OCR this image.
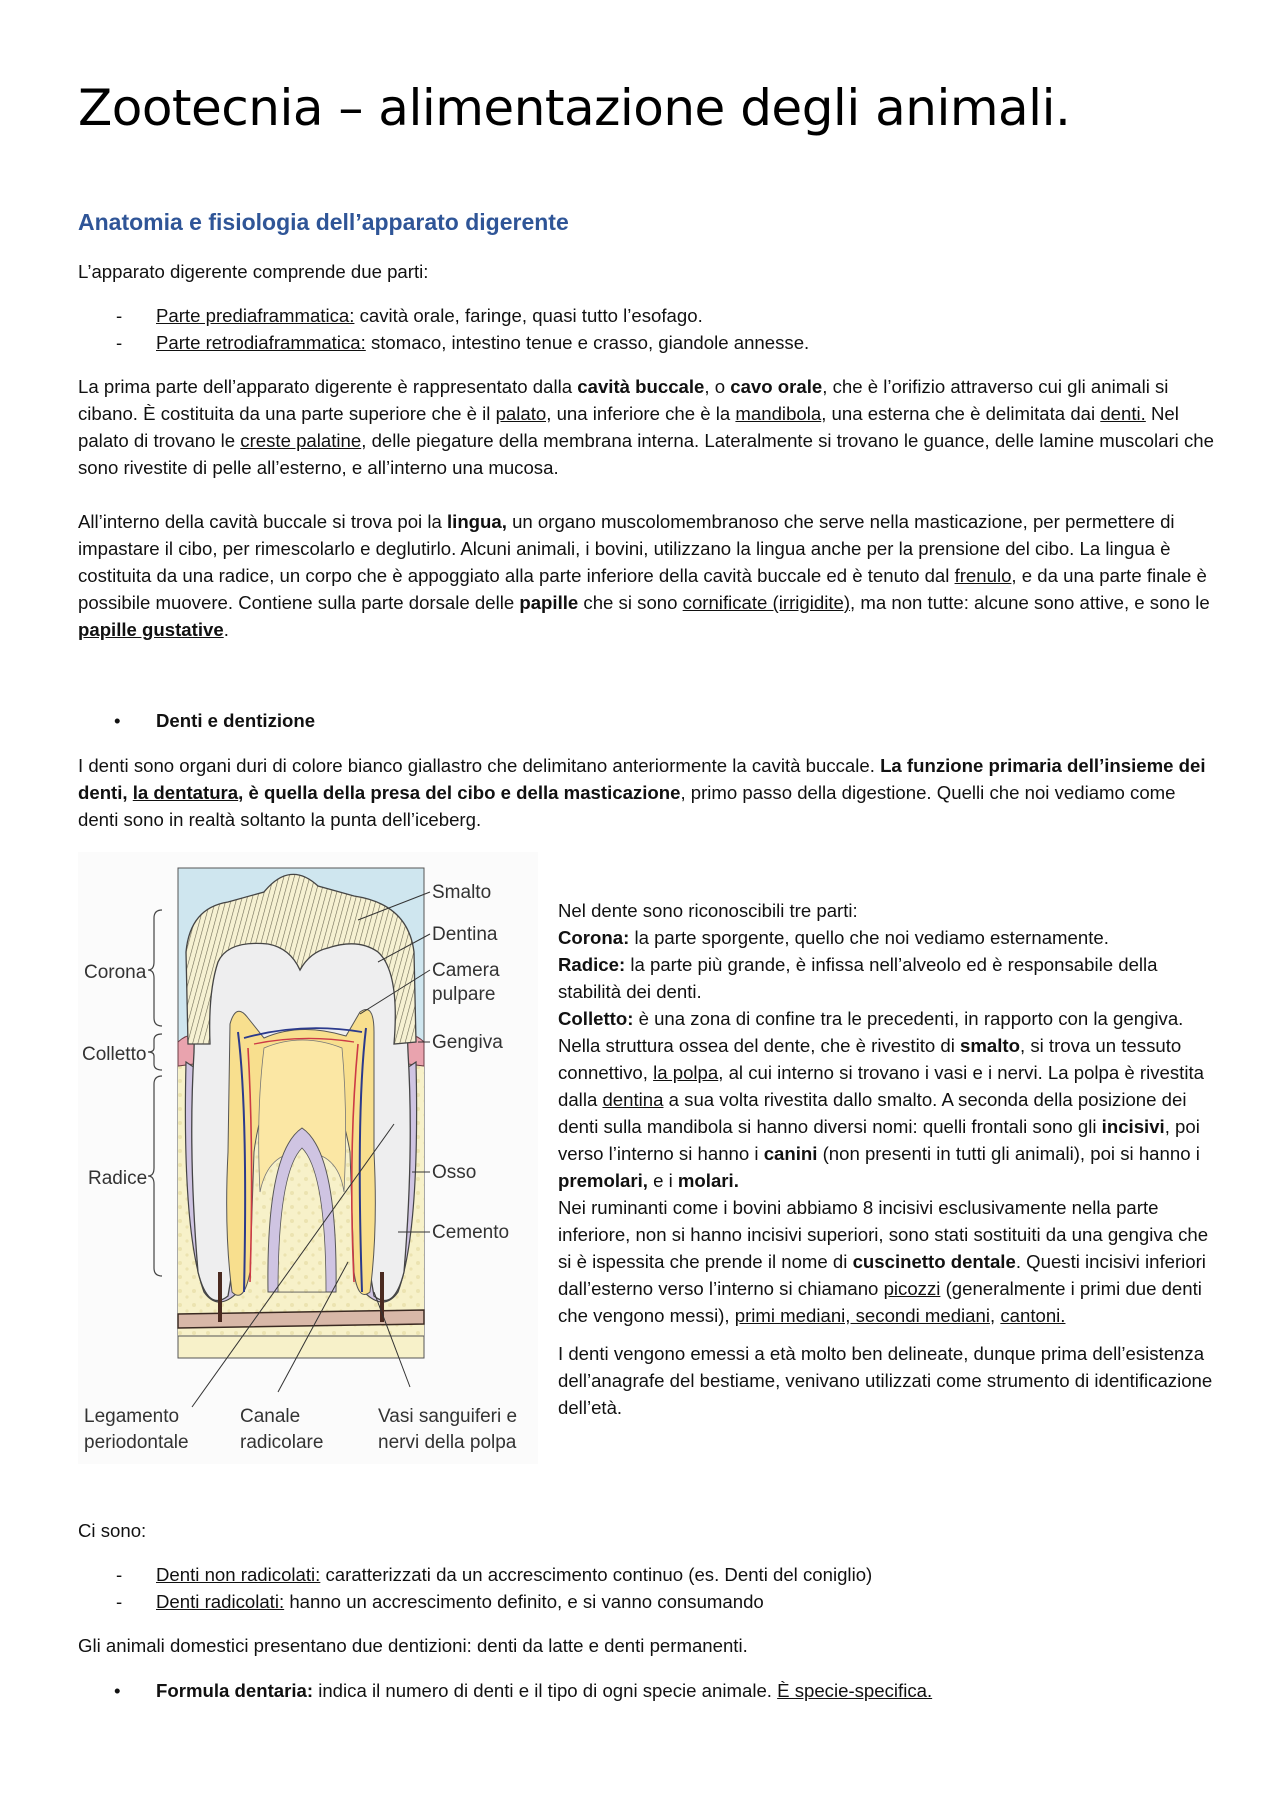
Zootecnia – alimentazione degli animali.
Anatomia e fisiologia dell’apparato digerente

L’apparato digerente comprende due parti:

- Parte prediaframmatica: cavità orale, faringe, quasi tutto l’esofago.
- Parte retrodiaframmatica: stomaco, intestino tenue e crasso, giandole annesse.

La prima parte dell’apparato digerente è rappresentato dalla cavità buccale, o cavo orale, che è l’orifizio attraverso cui gli animali si cibano. È costituita da una parte superiore che è il palato, una inferiore che è la mandibola, una esterna che è delimitata dai denti. Nel palato di trovano le creste palatine, delle piegature della membrana interna. Lateralmente si trovano le guance, delle lamine muscolari che sono rivestite di pelle all’esterno, e all’interno una mucosa.

All’interno della cavità buccale si trova poi la lingua, un organo muscolomembranoso che serve nella masticazione, per permettere di impastare il cibo, per rimescolarlo e deglutirlo. Alcuni animali, i bovini, utilizzano la lingua anche per la prensione del cibo. La lingua è costituita da una radice, un corpo che è appoggiato alla parte inferiore della cavità buccale ed è tenuto dal frenulo, e da una parte finale è possibile muovere. Contiene sulla parte dorsale delle papille che si sono cornificate (irrigidite), ma non tutte: alcune sono attive, e sono le papille gustative.

• Denti e dentizione

I denti sono organi duri di colore bianco giallastro che delimitano anteriormente la cavità buccale. La funzione primaria dell’insieme dei denti, la dentatura, è quella della presa del cibo e della masticazione, primo passo della digestione. Quelli che noi vediamo come denti sono in realtà soltanto la punta dell’iceberg.

Corona
Colletto
Radice
Smalto
Dentina
Camera
pulpare
Gengiva
Osso
Cemento
Legamento
periodontale
Canale
radicolare
Vasi sanguiferi e
nervi della polpa

Nel dente sono riconoscibili tre parti:

Corona: la parte sporgente, quello che noi vediamo esternamente.

Radice: la parte più grande, è infissa nell’alveolo ed è responsabile della stabilità dei denti.

Colletto: è una zona di confine tra le precedenti, in rapporto con la gengiva.

Nella struttura ossea del dente, che è rivestito di smalto, si trova un tessuto connettivo, la polpa, al cui interno si trovano i vasi e i nervi. La polpa è rivestita dalla dentina a sua volta rivestita dallo smalto. A seconda della posizione dei denti sulla mandibola si hanno diversi nomi: quelli frontali sono gli incisivi, poi verso l’interno si hanno i canini (non presenti in tutti gli animali), poi si hanno i premolari, e i molari.

Nei ruminanti come i bovini abbiamo 8 incisivi esclusivamente nella parte inferiore, non si hanno incisivi superiori, sono stati sostituiti da una gengiva che si è ispessita che prende il nome di cuscinetto dentale. Questi incisivi inferiori dall’esterno verso l’interno si chiamano picozzi (generalmente i primi due denti che vengono messi), primi mediani, secondi mediani, cantoni.

I denti vengono emessi a età molto ben delineate, dunque prima dell’esistenza dell’anagrafe del bestiame, venivano utilizzati come strumento di identificazione dell’età.

Ci sono:

- Denti non radicolati: caratterizzati da un accrescimento continuo (es. Denti del coniglio)
- Denti radicolati: hanno un accrescimento definito, e si vanno consumando

Gli animali domestici presentano due dentizioni: denti da latte e denti permanenti.

• Formula dentaria: indica il numero di denti e il tipo di ogni specie animale. È specie-specifica.
